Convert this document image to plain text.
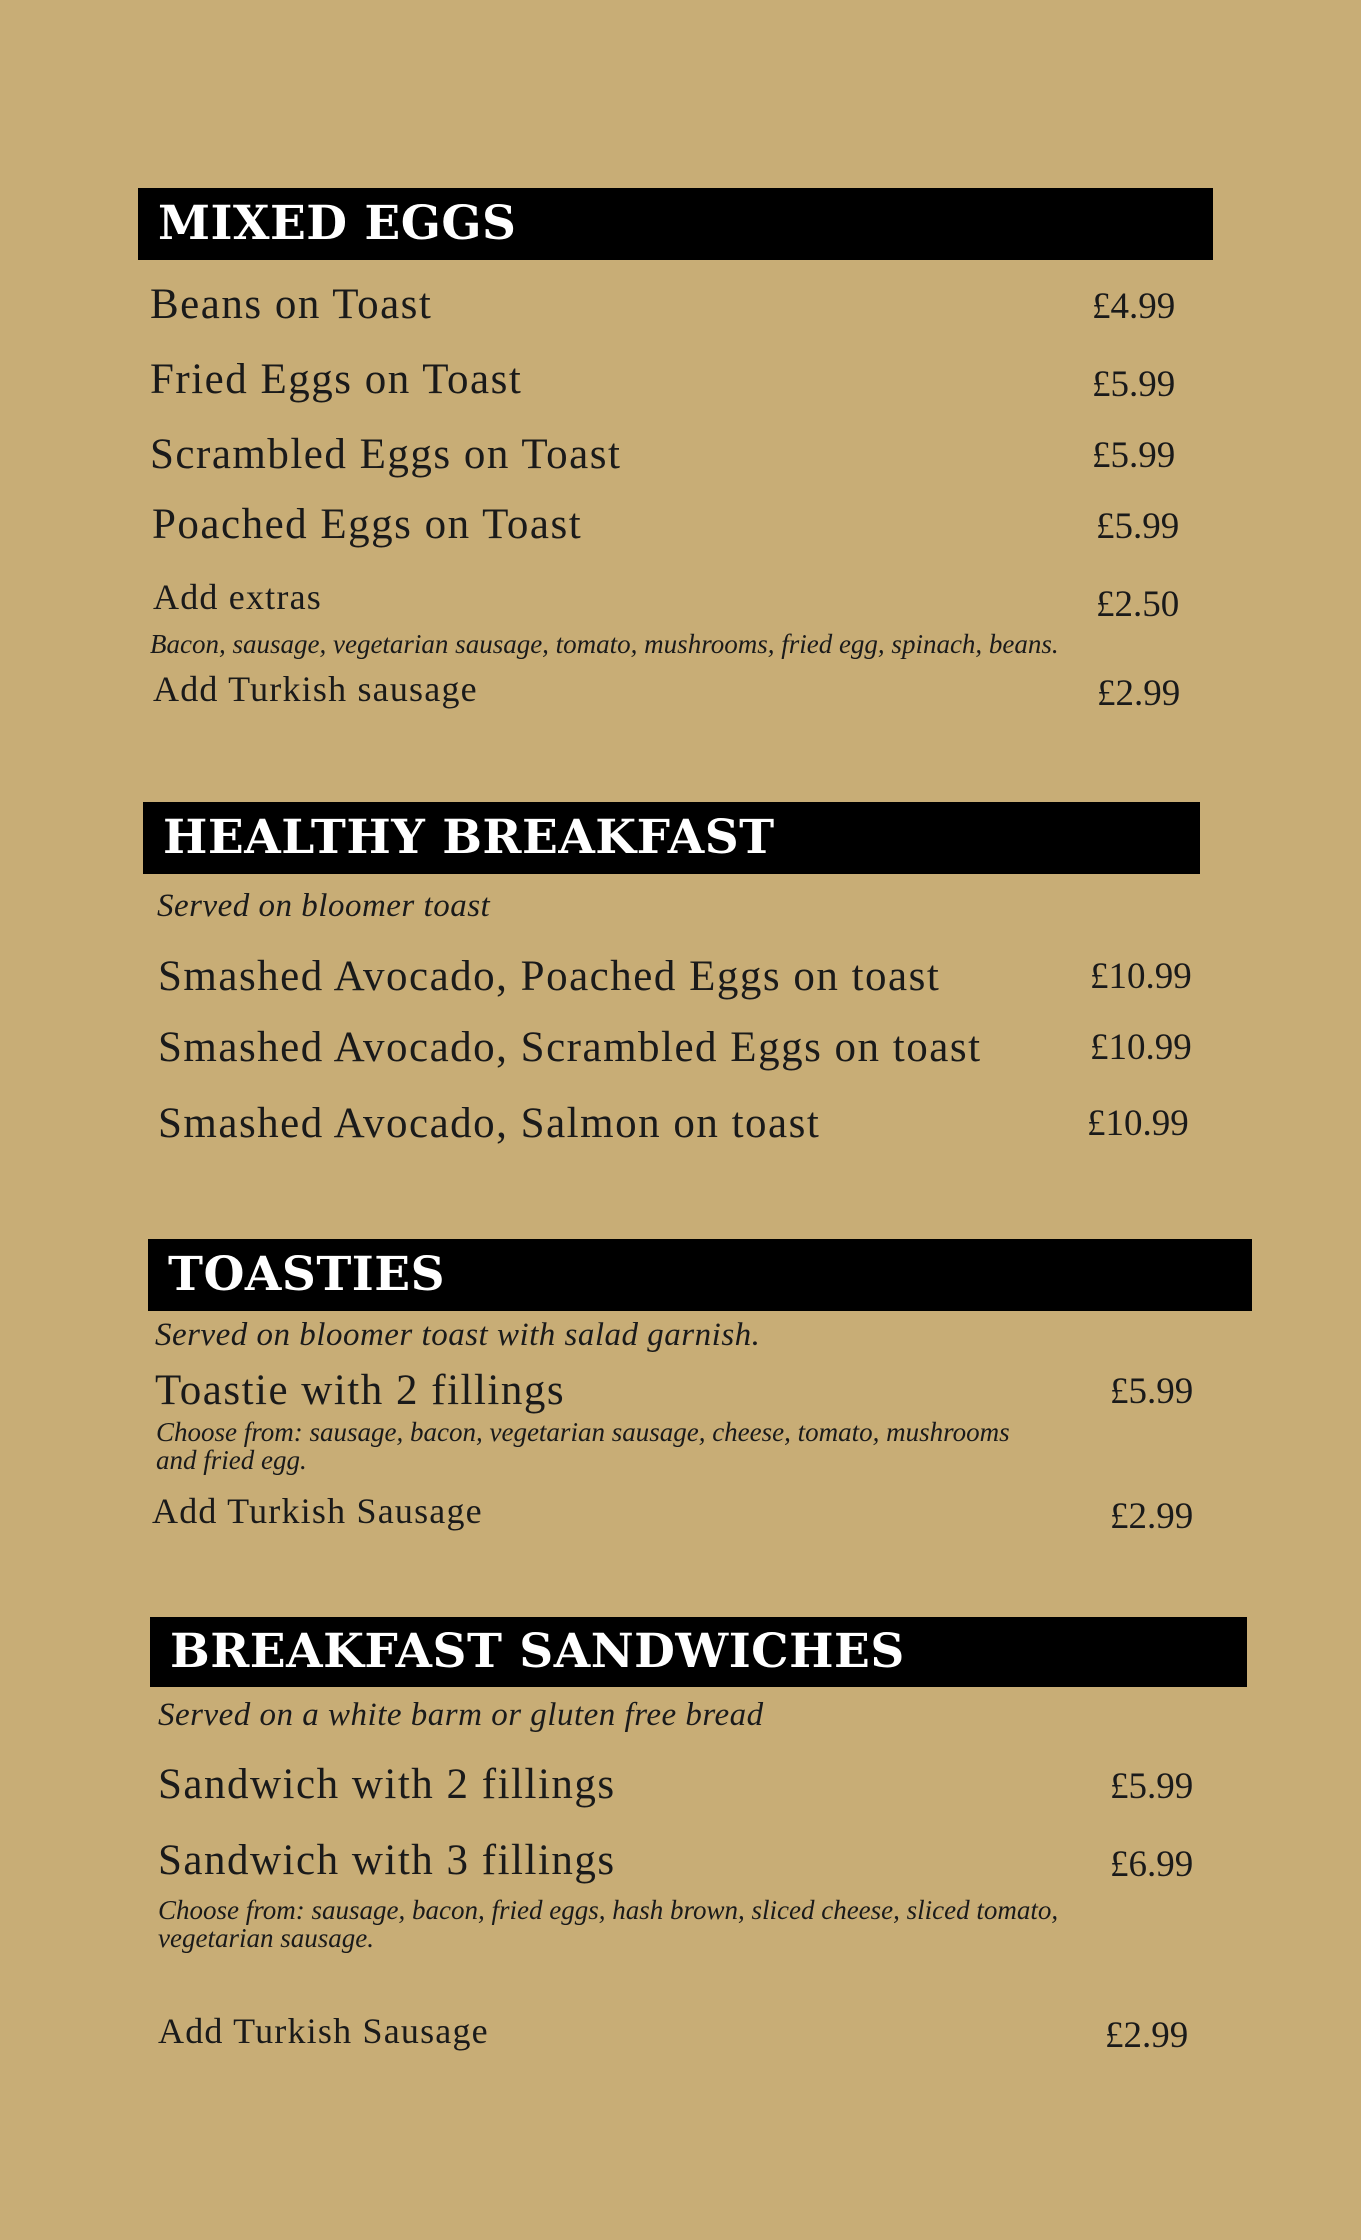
MIXED EGGS
Beans on Toast	£4.99
Fried Eggs on Toast	£5.99
Scrambled Eggs on Toast	£5.99
Poached Eggs on Toast	£5.99
Add extras	£2.50
Bacon, sausage, vegetarian sausage, tomato, mushrooms, fried egg, spinach, beans.
Add Turkish sausage	£2.99
HEALTHY BREAKFAST
Served on bloomer toast
Smashed Avocado, Poached Eggs on toast	£10.99
Smashed Avocado, Scrambled Eggs on toast	£10.99
Smashed Avocado, Salmon on toast	£10.99
TOASTIES
Served on bloomer toast with salad garnish.
Toastie with 2 fillings	£5.99
Choose from: sausage, bacon, vegetarian sausage, cheese, tomato, mushrooms
and fried egg.
Add Turkish Sausage	£2.99
BREAKFAST SANDWICHES
Served on a white barm or gluten free bread
Sandwich with 2 fillings	£5.99
Sandwich with 3 fillings	£6.99
Choose from: sausage, bacon, fried eggs, hash brown, sliced cheese, sliced tomato,
vegetarian sausage.
Add Turkish Sausage	£2.99
